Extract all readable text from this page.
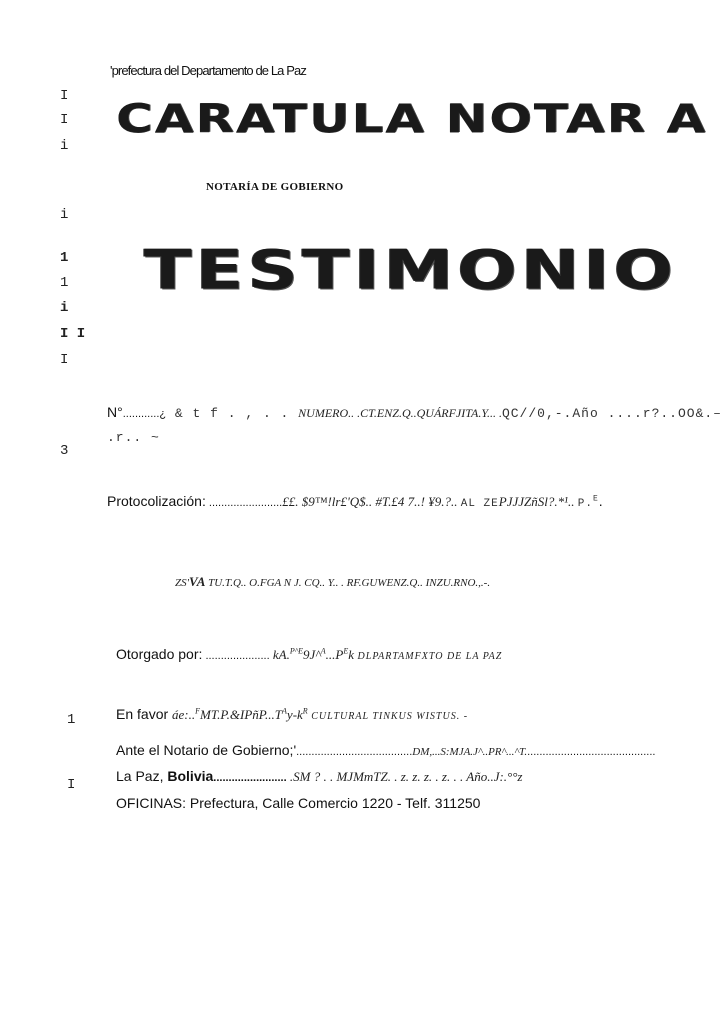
'prefectura del Departamento de La Paz
I
I
i
i
1
1
i
I I
I
3
1
I
CARATULA NOTAR A
NOTARÍA DE GOBIERNO
TESTIMONIO
N°............¿ & t f . , . . NUMERO.. .CT.ENZ.Q..QUÁRFJITA.Y... .QC//0,-.Año ....r?..OO&.–
.r.. ~
Protocolización: ........................££. $9™!lr£'Q$.. #T.£4 7..! ¥9.?.. AL ZEPJJJZñSl?.*¹.. P.$^E$.
ZS'VA TU.T.Q.. O.FGA N J. CQ.. Y.. . RF.GUWENZ.Q.. INZU.RNO.,.-.
Otorgado por: ..................... $kA.^{P\^{}E}9J\^{}^A...P^Ek$ DLPARTAMFXTO DE LA PAZ
En favor $áe:..^FMT.P.\&IPñP...T^Ay-k^R$ CULTURAL TINKUS WISTUS. -
Ante el Notario de Gobierno;'......................................DM,...S:MJA.J^..PR^...^T...........................................
La Paz, Bolivia........................ .SM ? . . MJMmTZ. . z. z. z. . z. . . Año..J:.°°z
OFICINAS: Prefectura, Calle Comercio 1220 - Telf. 311250
